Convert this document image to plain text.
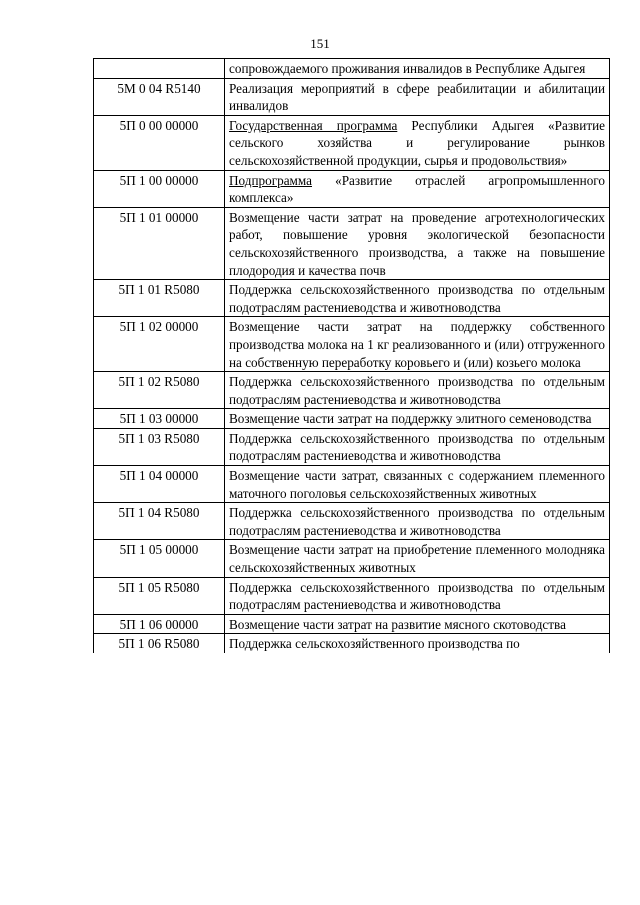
151
	сопровождаемого проживания инвалидов в Республике Адыгея
5М 0 04 R5140	Реализация мероприятий в сфере реабилитации и абилитации инвалидов
5П 0 00 00000	Государственная программа Республики Адыгея «Развитие сельского хозяйства и регулирование рынков сельскохозяйственной продукции, сырья и продовольствия»
5П 1 00 00000	Подпрограмма «Развитие отраслей агропромышленного комплекса»
5П 1 01 00000	Возмещение части затрат на проведение агротехнологических работ, повышение уровня экологической безопасности сельскохозяйственного производства, а также на повышение плодородия и качества почв
5П 1 01 R5080	Поддержка сельскохозяйственного производства по отдельным подотраслям растениеводства и животноводства
5П 1 02 00000	Возмещение части затрат на поддержку собственного производства молока на 1 кг реализованного и (или) отгруженного на собственную переработку коровьего и (или) козьего молока
5П 1 02 R5080	Поддержка сельскохозяйственного производства по отдельным подотраслям растениеводства и животноводства
5П 1 03 00000	Возмещение части затрат на поддержку элитного семеноводства
5П 1 03 R5080	Поддержка сельскохозяйственного производства по отдельным подотраслям растениеводства и животноводства
5П 1 04 00000	Возмещение части затрат, связанных с содержанием племенного маточного поголовья сельскохозяйственных животных
5П 1 04 R5080	Поддержка сельскохозяйственного производства по отдельным подотраслям растениеводства и животноводства
5П 1 05 00000	Возмещение части затрат на приобретение племенного молодняка сельскохозяйственных животных
5П 1 05 R5080	Поддержка сельскохозяйственного производства по отдельным подотраслям растениеводства и животноводства
5П 1 06 00000	Возмещение части затрат на развитие мясного скотоводства
5П 1 06 R5080	Поддержка сельскохозяйственного производства по
